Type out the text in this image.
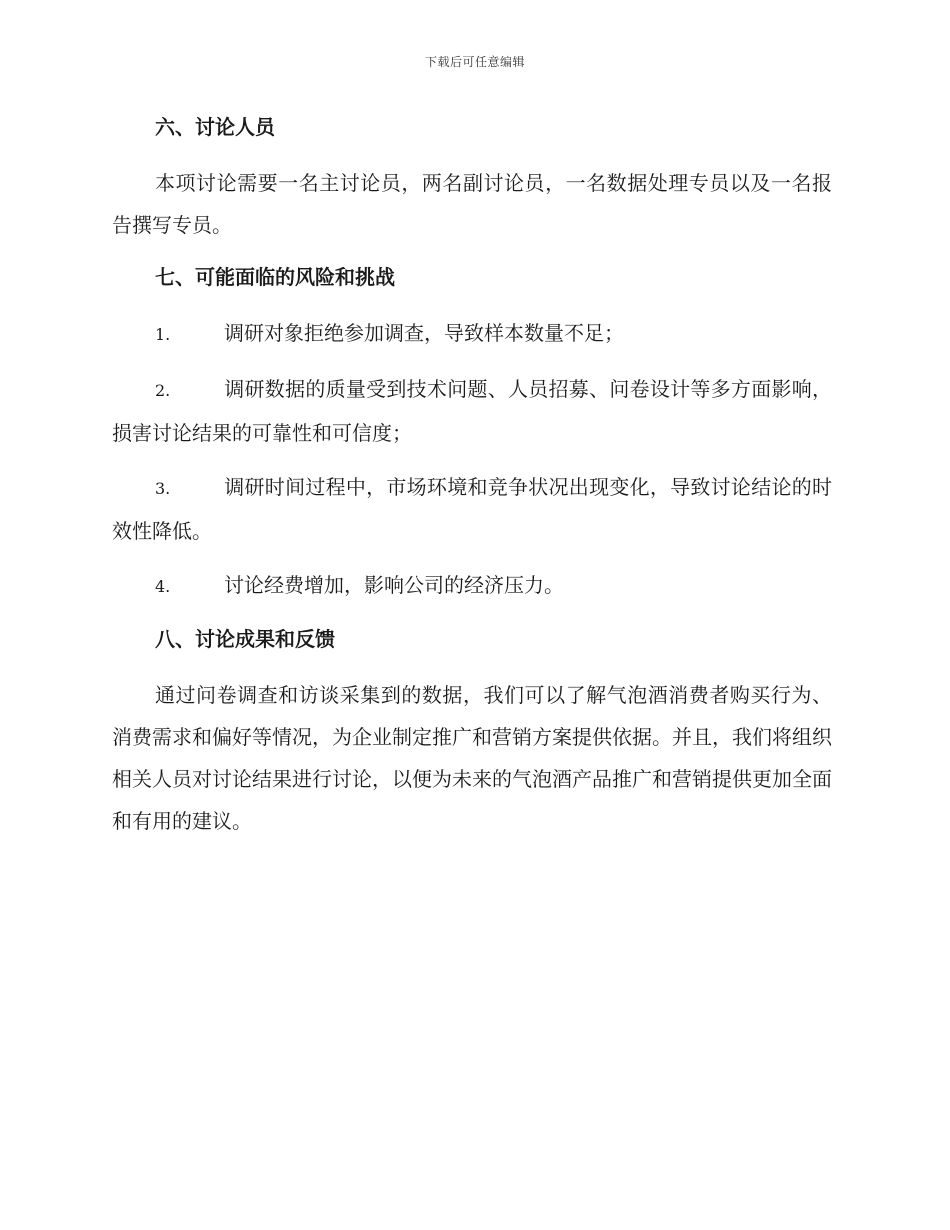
下载后可任意编辑
六、讨论人员

本项讨论需要一名主讨论员，两名副讨论员，一名数据处理专员以及一名报告撰写专员。

七、可能面临的风险和挑战

1.	调研对象拒绝参加调查，导致样本数量不足；

2.	调研数据的质量受到技术问题、人员招募、问卷设计等多方面影响，损害讨论结果的可靠性和可信度；

3.	调研时间过程中，市场环境和竞争状况出现变化，导致讨论结论的时效性降低。

4.	讨论经费增加，影响公司的经济压力。

八、讨论成果和反馈

通过问卷调查和访谈采集到的数据，我们可以了解气泡酒消费者购买行为、消费需求和偏好等情况，为企业制定推广和营销方案提供依据。并且，我们将组织相关人员对讨论结果进行讨论，以便为未来的气泡酒产品推广和营销提供更加全面和有用的建议。
